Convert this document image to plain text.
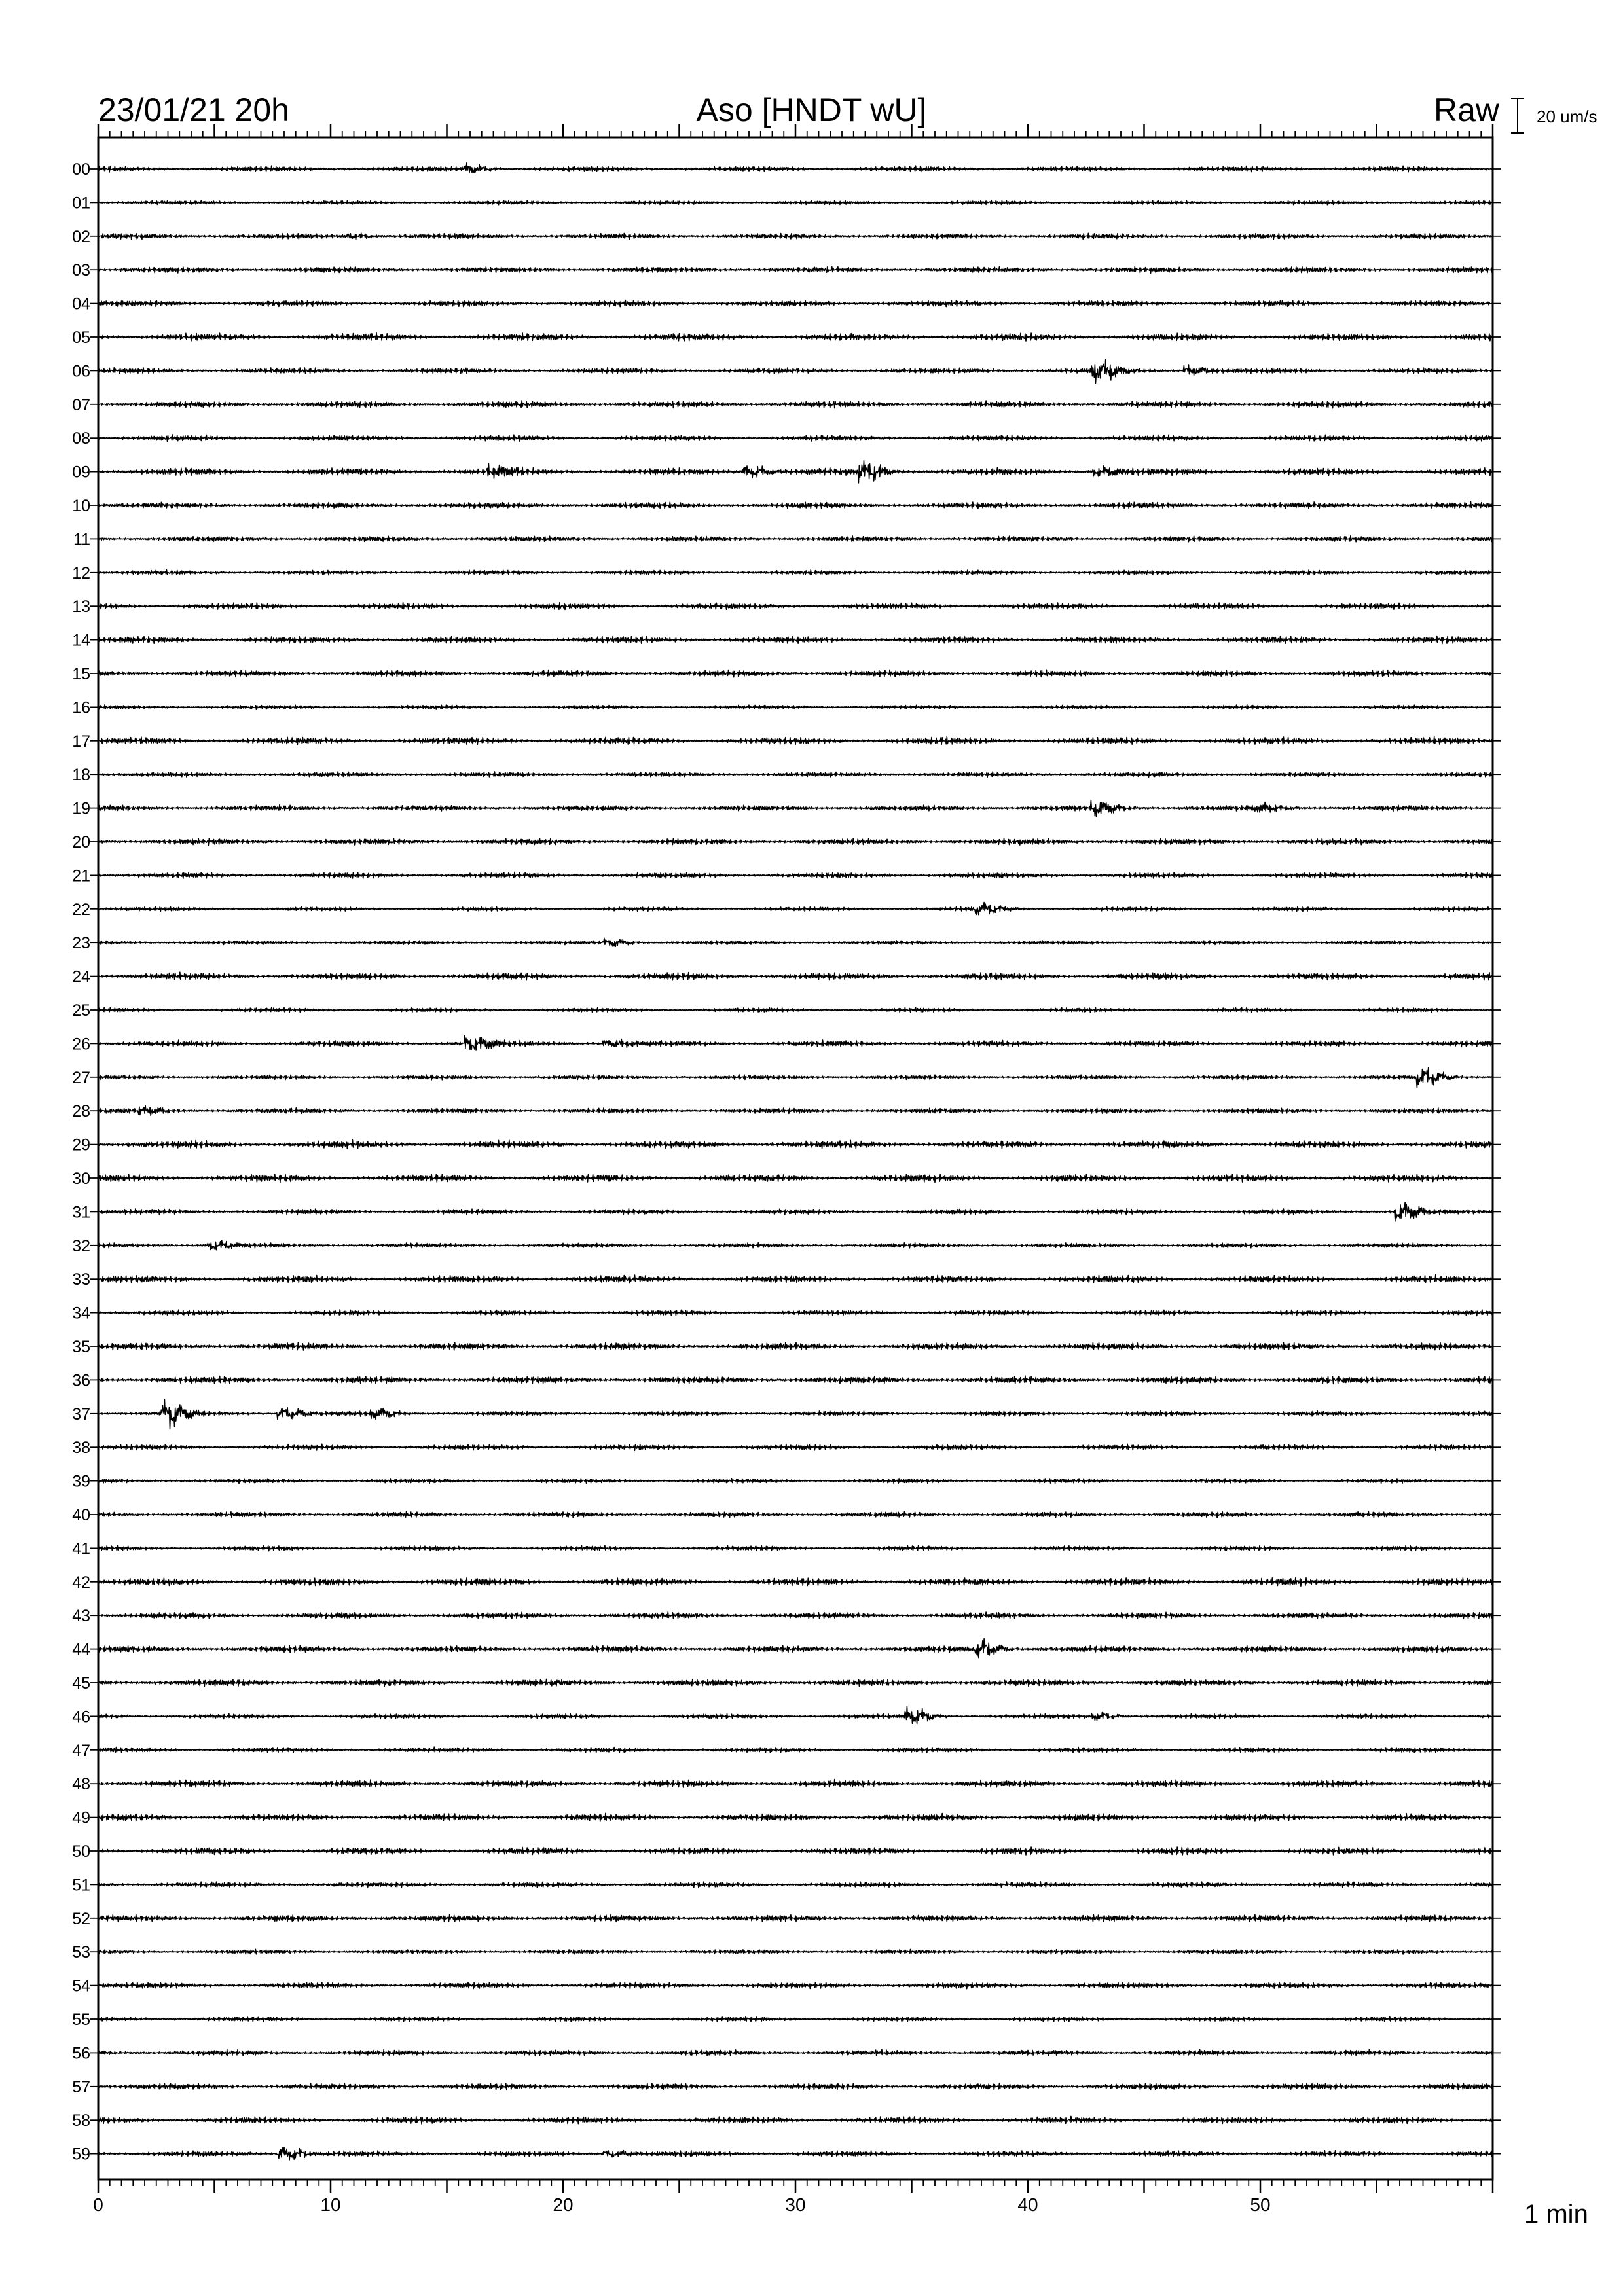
23/01/21 20h	Aso [HNDT wU]	Raw 20 um/s
1 min
0	10	20	30	40	50
00
01
02
03
04
05
06
07
08
09
10
11
12
13
14
15
16
17
18
19
20
21
22
23
24
25
26
27
28
29
30
31
32
33
34
35
36
37
38
39
40
41
42
43
44
45
46
47
48
49
50
51
52
53
54
55
56
57
58
59
